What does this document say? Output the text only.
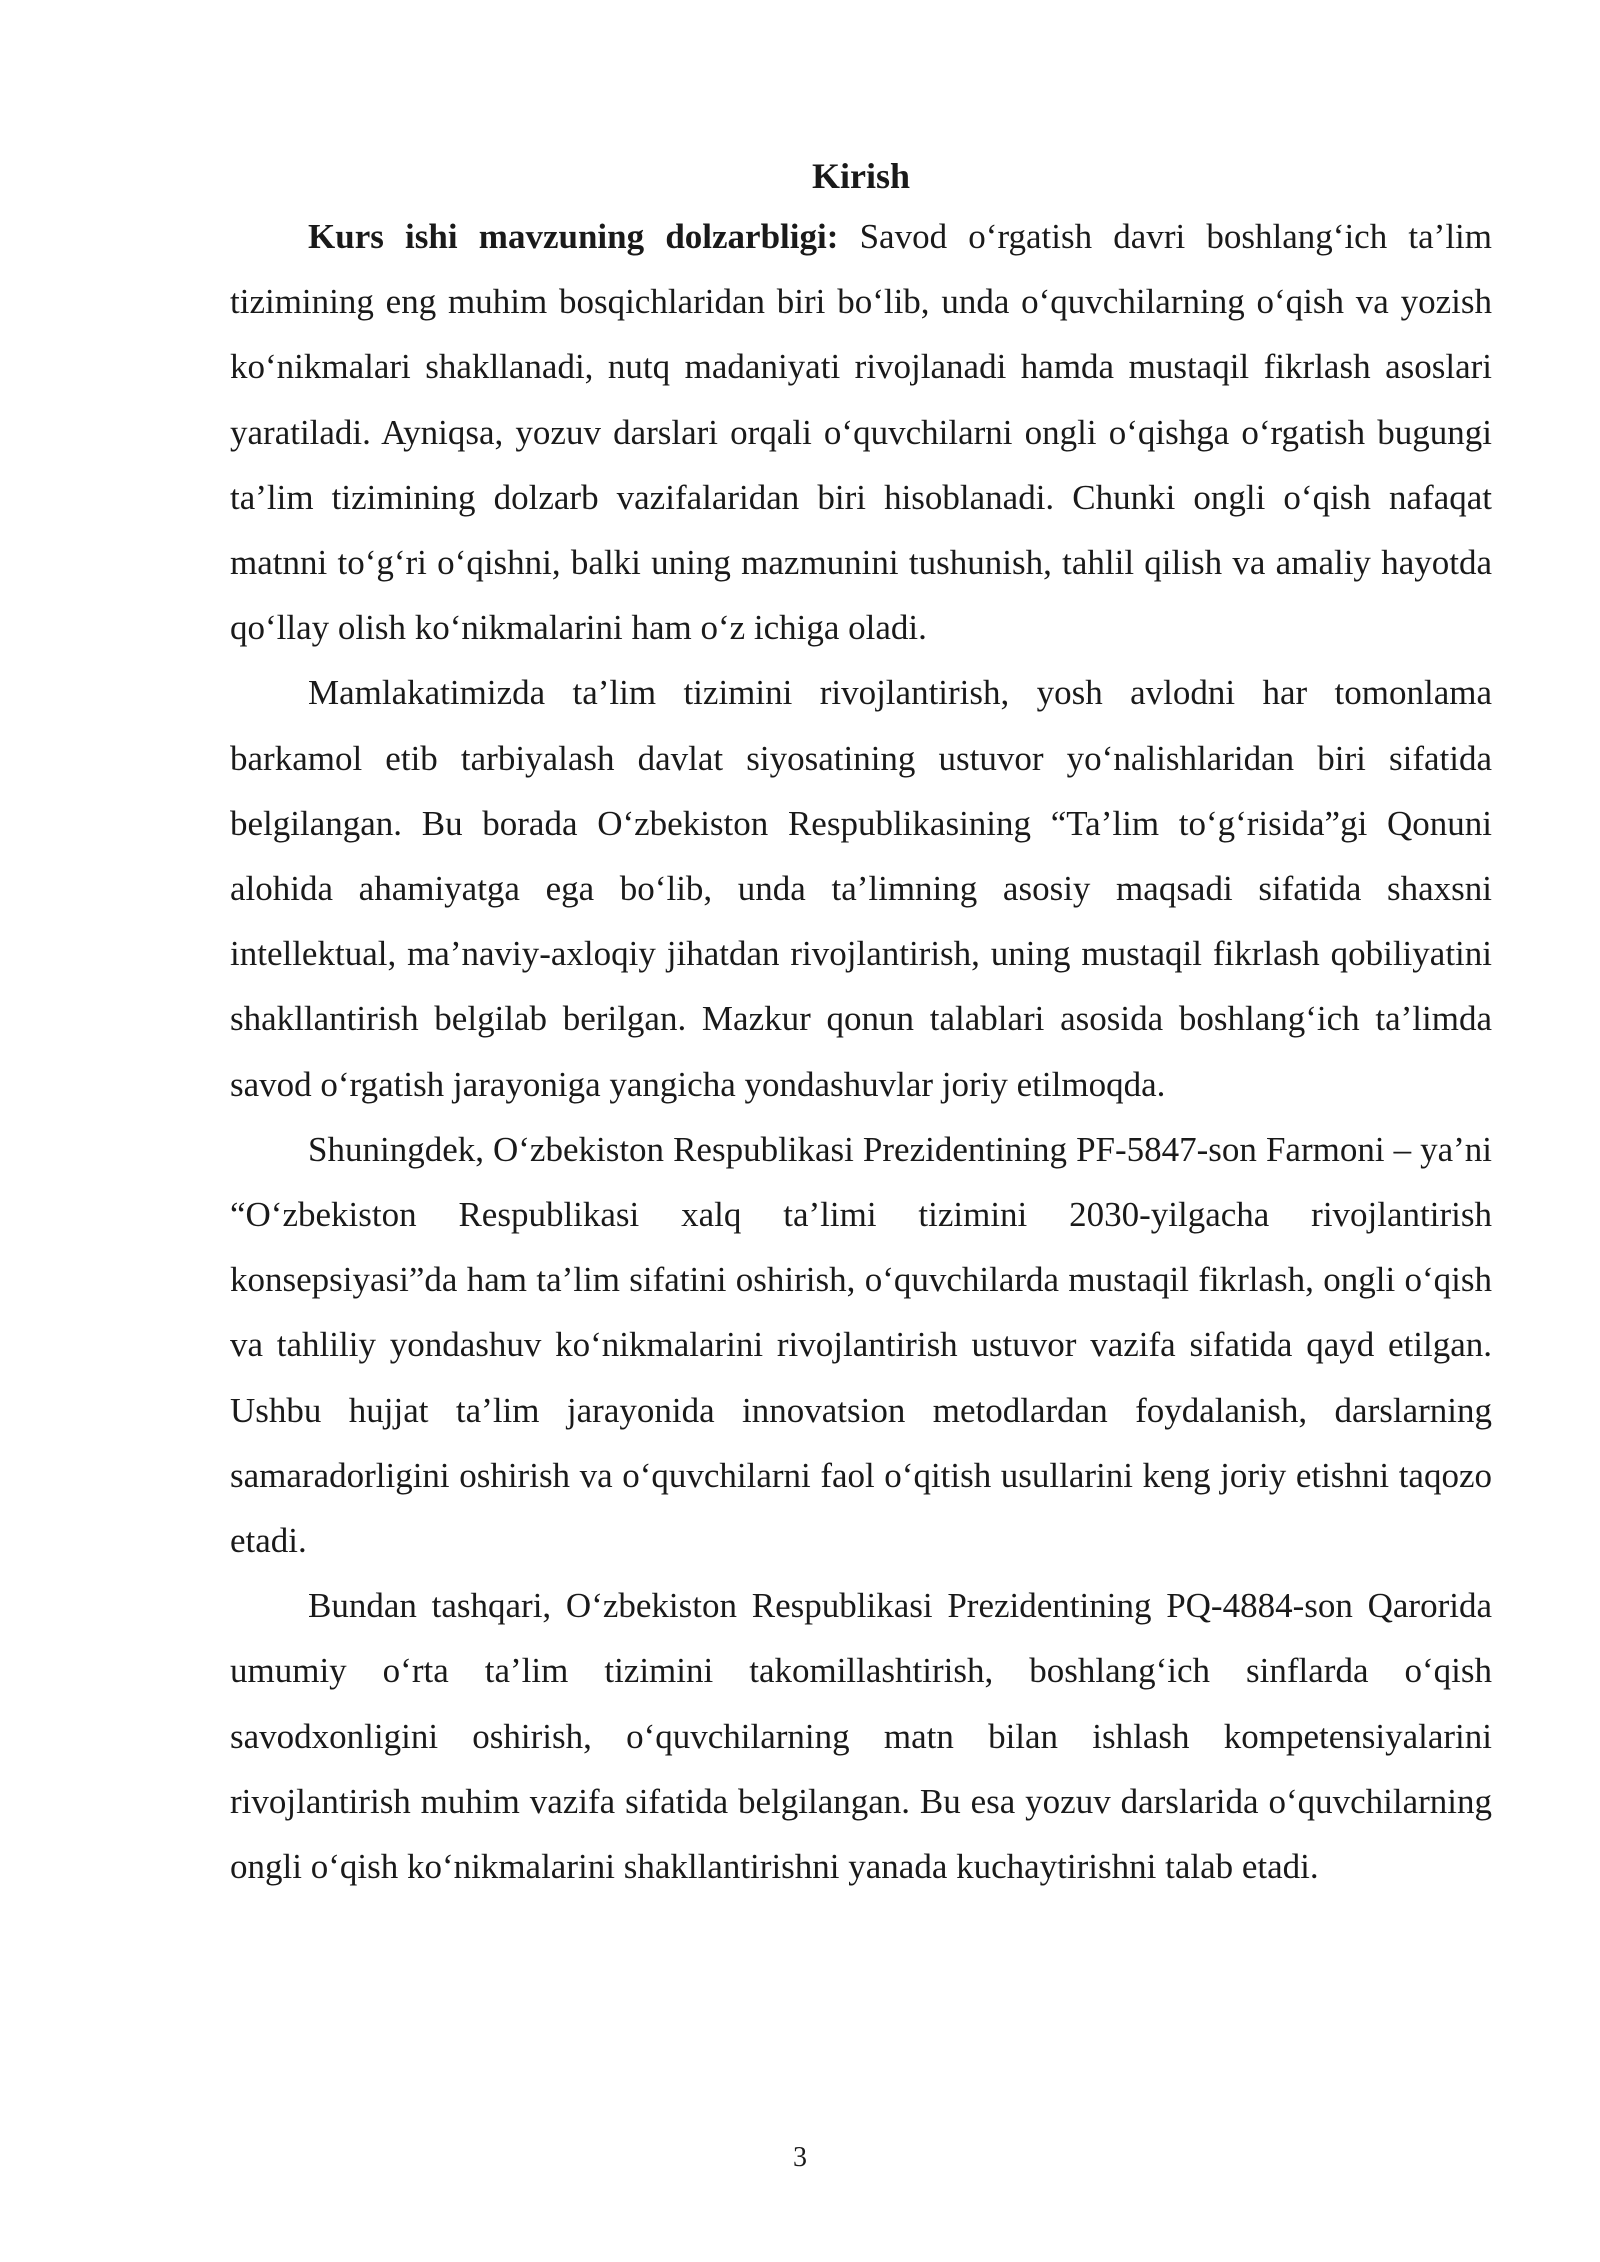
Kirish

Kurs ishi mavzuning dolzarbligi: Savod o‘rgatish davri boshlang‘ich ta’lim tizimining eng muhim bosqichlaridan biri bo‘lib, unda o‘quvchilarning o‘qish va yozish ko‘nikmalari shakllanadi, nutq madaniyati rivojlanadi hamda mustaqil fikrlash asoslari yaratiladi. Ayniqsa, yozuv darslari orqali o‘quvchilarni ongli o‘qishga o‘rgatish bugungi ta’lim tizimining dolzarb vazifalaridan biri hisoblanadi. Chunki ongli o‘qish nafaqat matnni to‘g‘ri o‘qishni, balki uning mazmunini tushunish, tahlil qilish va amaliy hayotda qo‘llay olish ko‘nikmalarini ham o‘z ichiga oladi.

Mamlakatimizda ta’lim tizimini rivojlantirish, yosh avlodni har tomonlama barkamol etib tarbiyalash davlat siyosatining ustuvor yo‘nalishlaridan biri sifatida belgilangan. Bu borada O‘zbekiston Respublikasining “Ta’lim to‘g‘risida”gi Qonuni alohida ahamiyatga ega bo‘lib, unda ta’limning asosiy maqsadi sifatida shaxsni intellektual, ma’naviy-axloqiy jihatdan rivojlantirish, uning mustaqil fikrlash qobiliyatini shakllantirish belgilab berilgan. Mazkur qonun talablari asosida boshlang‘ich ta’limda savod o‘rgatish jarayoniga yangicha yondashuvlar joriy etilmoqda.

Shuningdek, O‘zbekiston Respublikasi Prezidentining PF-5847-son Farmoni – ya’ni “O‘zbekiston Respublikasi xalq ta’limi tizimini 2030-yilgacha rivojlantirish konsepsiyasi”da ham ta’lim sifatini oshirish, o‘quvchilarda mustaqil fikrlash, ongli o‘qish va tahliliy yondashuv ko‘nikmalarini rivojlantirish ustuvor vazifa sifatida qayd etilgan. Ushbu hujjat ta’lim jarayonida innovatsion metodlardan foydalanish, darslarning samaradorligini oshirish va o‘quvchilarni faol o‘qitish usullarini keng joriy etishni taqozo etadi.

Bundan tashqari, O‘zbekiston Respublikasi Prezidentining PQ-4884-son Qarorida umumiy o‘rta ta’lim tizimini takomillashtirish, boshlang‘ich sinflarda o‘qish savodxonligini oshirish, o‘quvchilarning matn bilan ishlash kompetensiyalarini rivojlantirish muhim vazifa sifatida belgilangan. Bu esa yozuv darslarida o‘quvchilarning ongli o‘qish ko‘nikmalarini shakllantirishni yanada kuchaytirishni talab etadi.

3
